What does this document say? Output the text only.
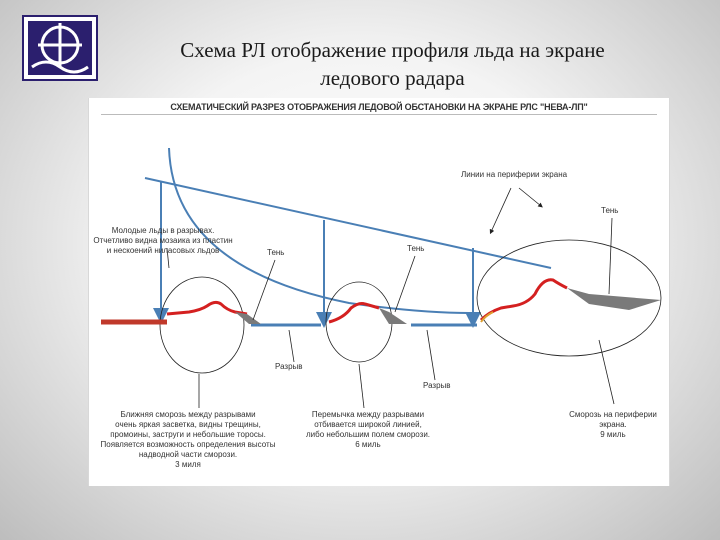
Схема РЛ отображение профиля льда на экране
ледового радара
СХЕМАТИЧЕСКИЙ РАЗРЕЗ ОТОБРАЖЕНИЯ ЛЕДОВОЙ ОБСТАНОВКИ НА ЭКРАНЕ РЛС "НЕВА-ЛП"
Молодые льды в разрывах.
Отчетливо видна мозаика из пластин
и нескоений ниласовых льдов	Тень	Тень
Тень
Линии на периферии экрана
Разрыв
Разрыв
Ближняя сморозь между разрывами
очень яркая засветка, видны трещины,
промоины, заструги и небольшие торосы.
Появляется возможность определения высоты
надводной части сморози.
3 миля
Перемычка между разрывами
отбивается широкой линией,
либо небольшим полем сморози.
6 миль
Сморозь на периферии
экрана.
9 миль
